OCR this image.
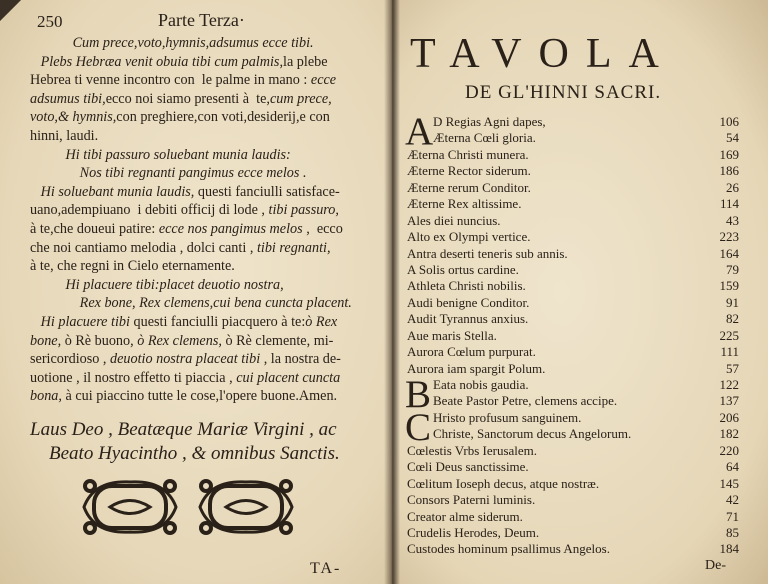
250	Parte Terza·
Cum prece,voto,hymnis,adsumus ecce tibi.
Plebs Hebræa venit obuia tibi cum palmis,la plebe
Hebrea ti venne incontro con  le palme in mano : ecce
adsumus tibi,ecco noi siamo presenti à  te,cum prece,
voto,& hymnis,con preghiere,con voti,desiderij,e con
hinni, laudi.
Hi tibi passuro soluebant munia laudis:
Nos tibi regnanti pangimus ecce melos .
Hi soluebant munia laudis, questi fanciulli satisface-
uano,adempiuano  i debiti officij di lode , tibi passuro,
à te,che doueui patire: ecce nos pangimus melos ,  ecco
che noi cantiamo melodia , dolci canti , tibi regnanti,
à te, che regni in Cielo eternamente.
Hi placuere tibi:placet deuotio nostra,
Rex bone, Rex clemens,cui bena cuncta placent.
Hi placuere tibi questi fanciulli piacquero à te:ò Rex
bone, ò Rè buono, ò Rex clemens, ò Rè clemente, mi-
sericordioso , deuotio nostra placeat tibi , la nostra de-
uotione , il nostro effetto ti piaccia , cui placent cuncta
bona, à cui piaccino tutte le cose,l'opere buone.Amen.
Laus Deo , Beatæque Mariæ Virgini , ac
Beato Hyacintho , & omnibus Sanctis.
TA-
TAVOLA
DE GL'HINNI SACRI.
A D Regias Agni dapes,	106
Æterna Cœli gloria.	54
Æterna Christi munera.	169
Æterne Rector siderum.	186
Æterne rerum Conditor.	26
Æterne Rex altissime.	114
Ales diei nuncius.	43
Alto ex Olympi vertice.	223
Antra deserti teneris sub annis.	164
A Solis ortus cardine.	79
Athleta Christi nobilis.	159
Audi benigne Conditor.	91
Audit Tyrannus anxius.	82
Aue maris Stella.	225
Aurora Cœlum purpurat.	111
Aurora iam spargit Polum.	57
B Eata nobis gaudia.	122
Beate Pastor Petre, clemens accipe.	137
C Hristo profusum sanguinem.	206
Christe, Sanctorum decus Angelorum.	182
Cœlestis Vrbs Ierusalem.	220
Cœli Deus sanctissime.	64
Cœlitum Ioseph decus, atque nostræ.	145
Consors Paterni luminis.	42
Creator alme siderum.	71
Crudelis Herodes, Deum.	85
Custodes hominum psallimus Angelos.	184
De-
